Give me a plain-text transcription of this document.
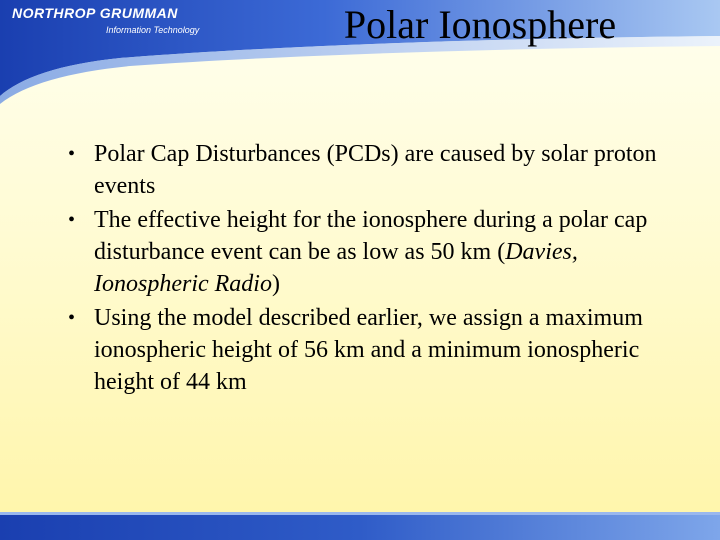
NORTHROP GRUMMAN
Information Technology	Polar Ionosphere
• Polar Cap Disturbances (PCDs) are caused by solar proton events
• The effective height for the ionosphere during a polar cap disturbance event can be as low as 50 km (Davies, Ionospheric Radio)
• Using the model described earlier, we assign a maximum ionospheric height of 56 km and a minimum ionospheric height of 44 km
